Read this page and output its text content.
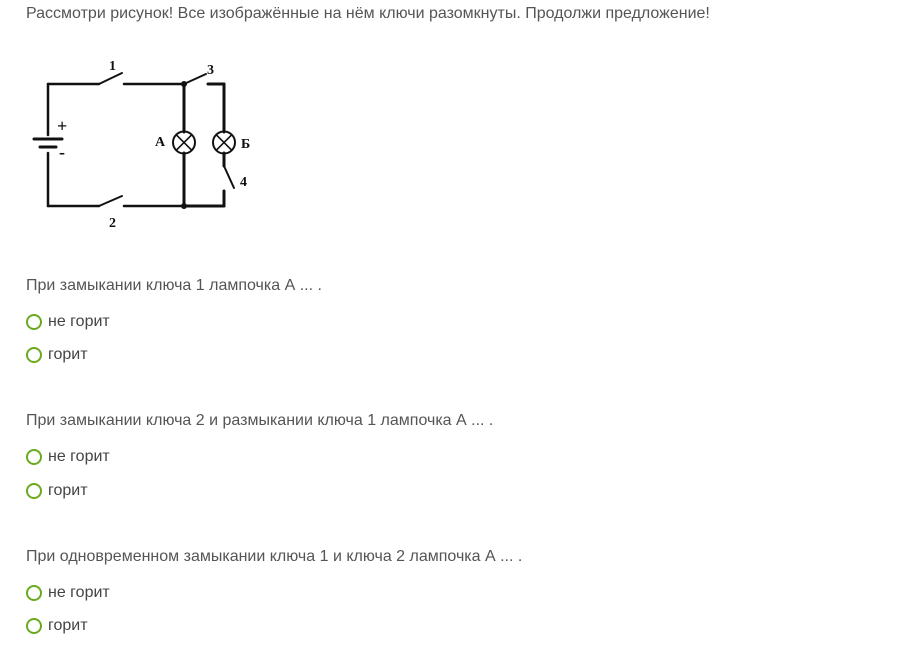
Рассмотри рисунок! Все изображённые на нём ключи разомкнуты. Продолжи предложение!
1
2
3
4
А	Б
+
-
При замыкании ключа 1 лампочка А ... .
не горит
горит
При замыкании ключа 2 и размыкании ключа 1 лампочка А ... .
не горит
горит
При одновременном замыкании ключа 1 и ключа 2 лампочка А ... .
не горит
горит
